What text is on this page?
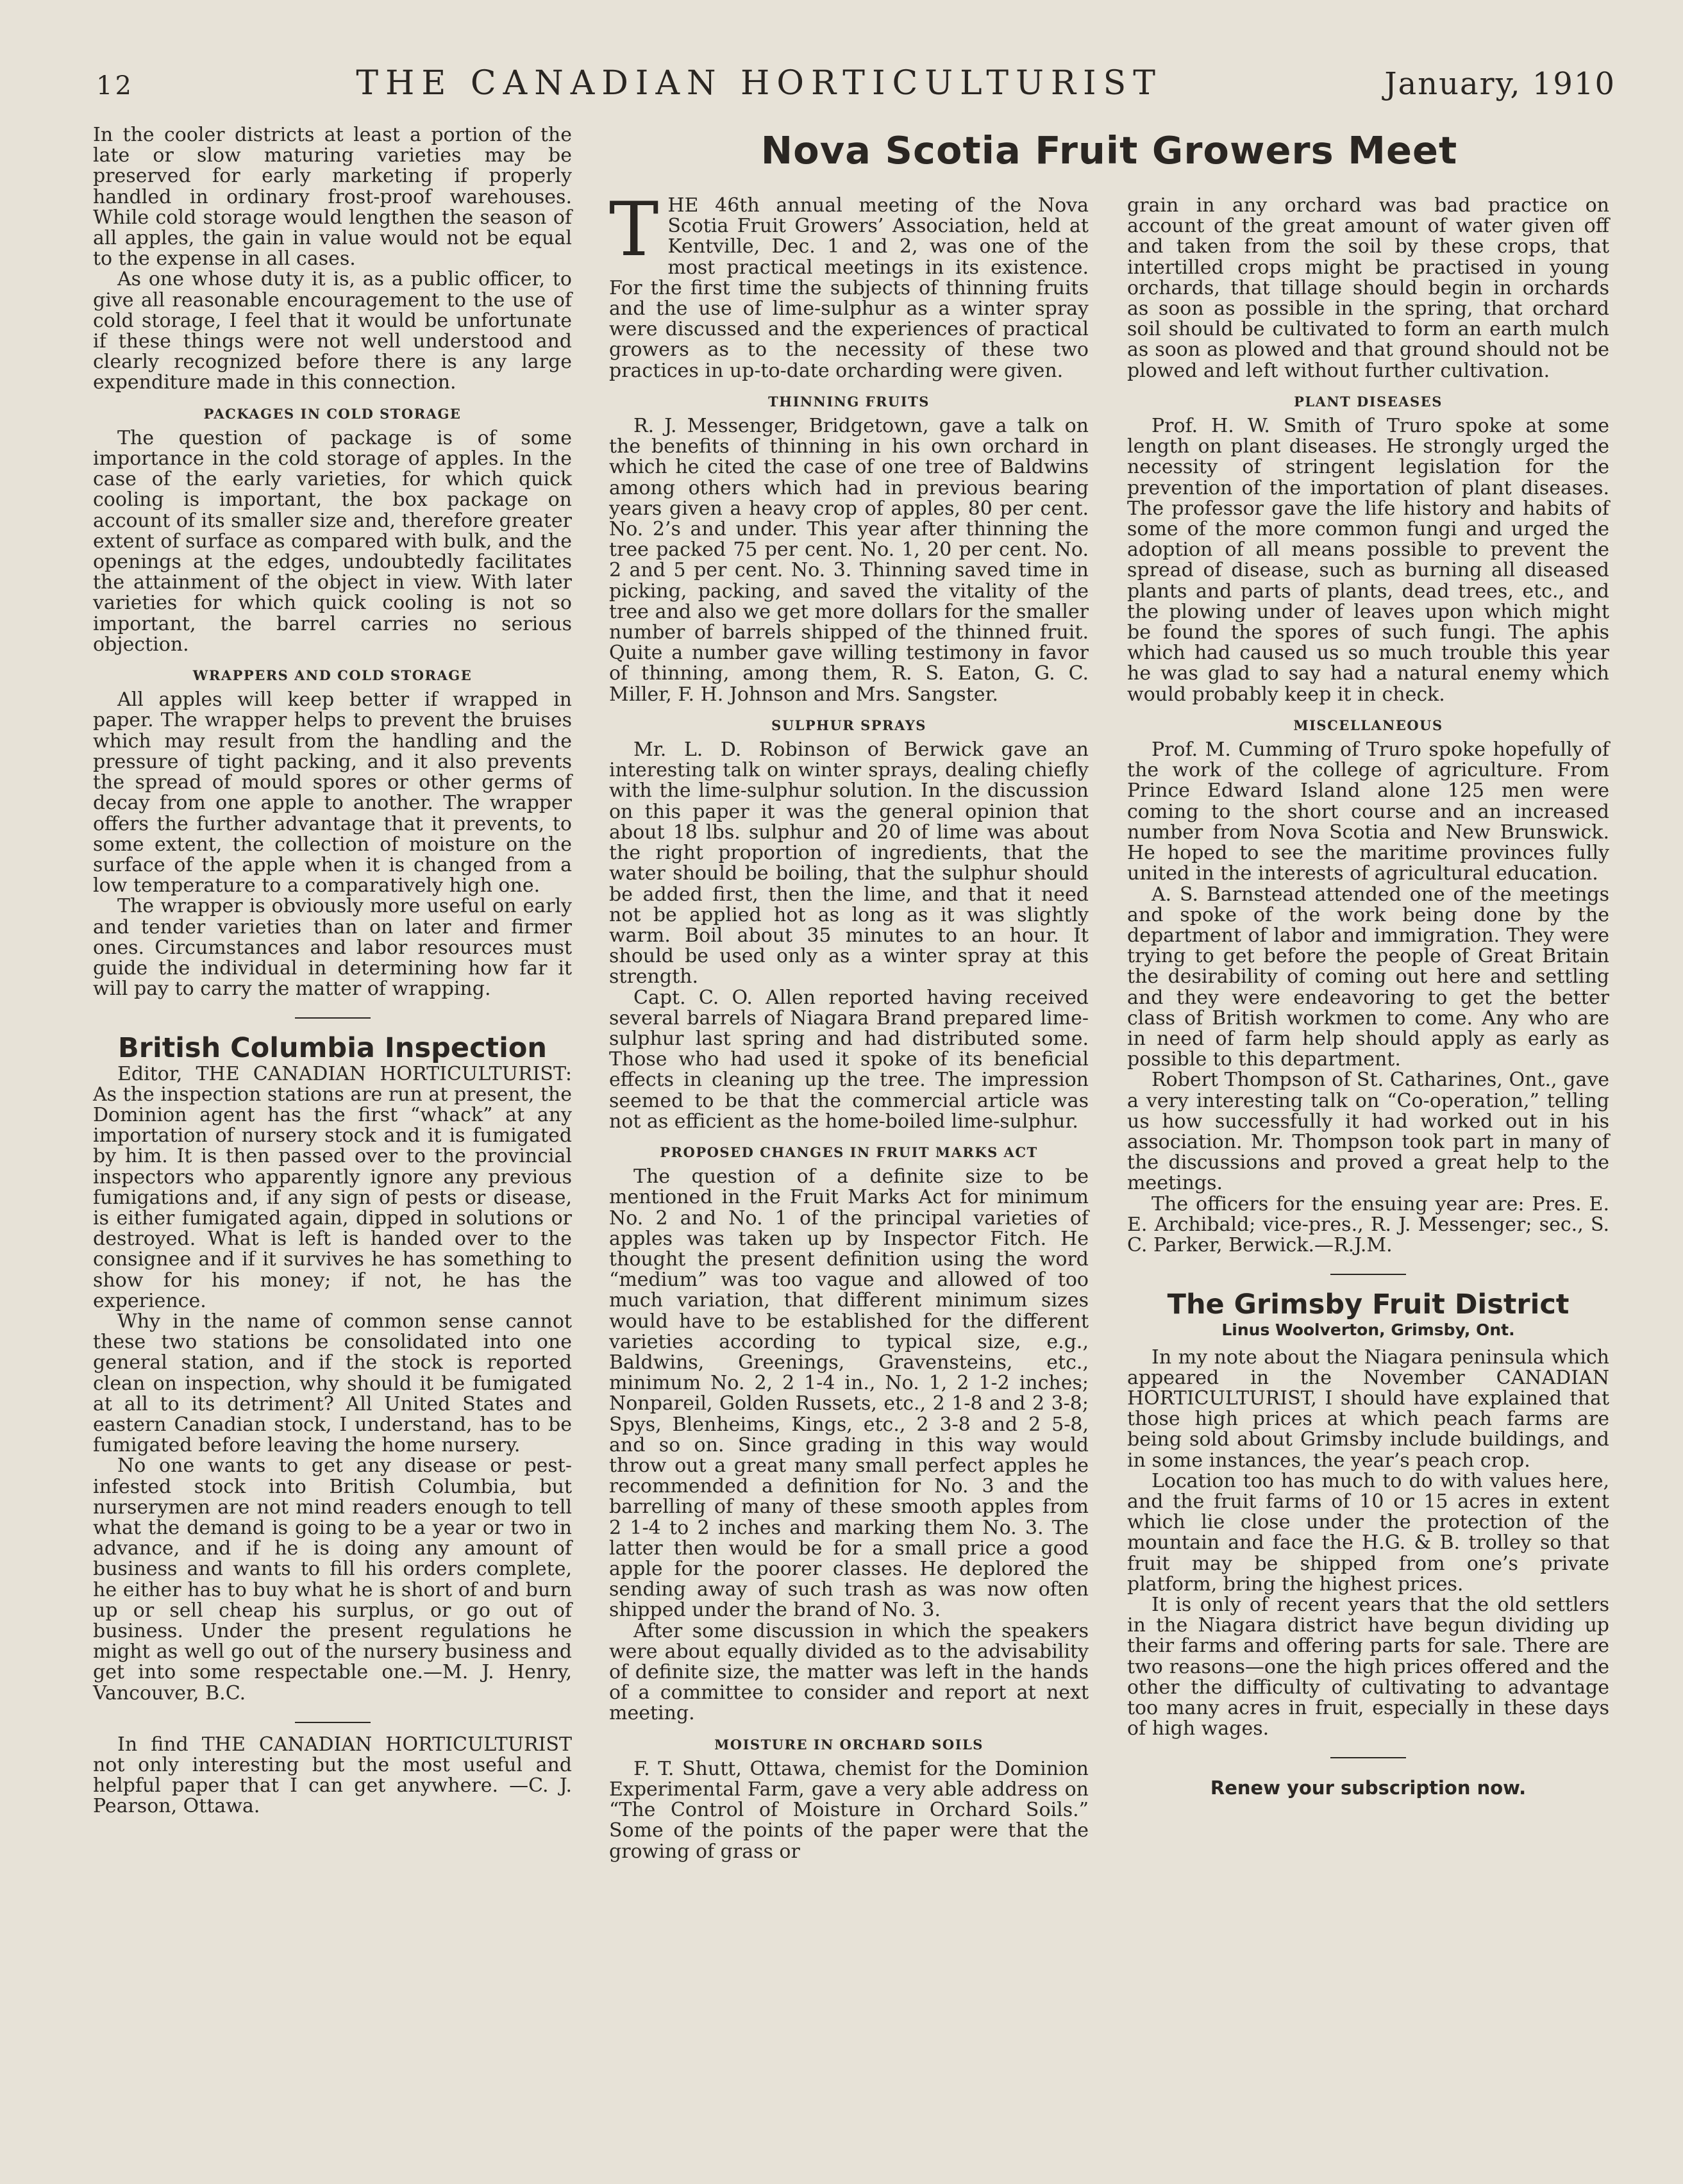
12	THE CANADIAN HORTICULTURIST	January, 1910
Nova Scotia Fruit Growers Meet

In the cooler districts at least a portion of the late or slow maturing varieties may be preserved for early marketing if properly handled in ordinary frost-proof warehouses. While cold storage would lengthen the season of all apples, the gain in value would not be equal to the expense in all cases.

As one whose duty it is, as a public officer, to give all reasonable encouragement to the use of cold storage, I feel that it would be unfortunate if these things were not well understood and clearly recognized before there is any large expenditure made in this connection.

PACKAGES IN COLD STORAGE

The question of package is of some importance in the cold storage of apples. In the case of the early varieties, for which quick cooling is important, the box package on account of its smaller size and, therefore greater extent of surface as compared with bulk, and the openings at the edges, undoubtedly facilitates the attainment of the object in view. With later varieties for which quick cooling is not so important, the barrel carries no serious objection.

WRAPPERS AND COLD STORAGE

All apples will keep better if wrapped in paper. The wrapper helps to prevent the bruises which may result from the handling and the pressure of tight packing, and it also prevents the spread of mould spores or other germs of decay from one apple to another. The wrapper offers the further advantage that it prevents, to some extent, the collection of moisture on the surface of the apple when it is changed from a low temperature to a comparatively high one.

The wrapper is obviously more useful on early and tender varieties than on later and firmer ones. Circumstances and labor resources must guide the individual in determining how far it will pay to carry the matter of wrapping.

British Columbia Inspection

Editor, THE CANADIAN HORTICULTURIST: As the inspection stations are run at present, the Dominion agent has the first “whack” at any importation of nursery stock and it is fumigated by him. It is then passed over to the provincial inspectors who apparently ignore any previous fumigations and, if any sign of pests or disease, is either fumigated again, dipped in solutions or destroyed. What is left is handed over to the consignee and if it survives he has something to show for his money; if not, he has the experience.

Why in the name of common sense cannot these two stations be consolidated into one general station, and if the stock is reported clean on inspection, why should it be fumigated at all to its detriment? All United States and eastern Canadian stock, I understand, has to be fumigated before leaving the home nursery.

No one wants to get any disease or pest-infested stock into British Columbia, but nurserymen are not mind readers enough to tell what the demand is going to be a year or two in advance, and if he is doing any amount of business and wants to fill his orders complete, he either has to buy what he is short of and burn up or sell cheap his surplus, or go out of business. Under the present regulations he might as well go out of the nursery business and get into some respectable one.—M. J. Henry, Vancouver, B.C.

In find THE CANADIAN HORTICULTURIST not only interesting but the most useful and helpful paper that I can get anywhere. —C. J. Pearson, Ottawa.

THE 46th annual meeting of the Nova Scotia Fruit Growers’ Association, held at Kentville, Dec. 1 and 2, was one of the most practical meetings in its existence. For the first time the subjects of thinning fruits and the use of lime-sulphur as a winter spray were discussed and the experiences of practical growers as to the necessity of these two practices in up-to-date orcharding were given.

THINNING FRUITS

R. J. Messenger, Bridgetown, gave a talk on the benefits of thinning in his own orchard in which he cited the case of one tree of Baldwins among others which had in previous bearing years given a heavy crop of apples, 80 per cent. No. 2’s and under. This year after thinning the tree packed 75 per cent. No. 1, 20 per cent. No. 2 and 5 per cent. No. 3. Thinning saved time in picking, packing, and saved the vitality of the tree and also we get more dollars for the smaller number of barrels shipped of the thinned fruit. Quite a number gave willing testimony in favor of thinning, among them, R. S. Eaton, G. C. Miller, F. H. Johnson and Mrs. Sangster.

SULPHUR SPRAYS

Mr. L. D. Robinson of Berwick gave an interesting talk on winter sprays, dealing chiefly with the lime-sulphur solution. In the discussion on this paper it was the general opinion that about 18 lbs. sulphur and 20 of lime was about the right proportion of ingredients, that the water should be boiling, that the sulphur should be added first, then the lime, and that it need not be applied hot as long as it was slightly warm. Boil about 35 minutes to an hour. It should be used only as a winter spray at this strength.

Capt. C. O. Allen reported having received several barrels of Niagara Brand prepared lime-sulphur last spring and had distributed some. Those who had used it spoke of its beneficial effects in cleaning up the tree. The impression seemed to be that the commercial article was not as efficient as the home-boiled lime-sulphur.

PROPOSED CHANGES IN FRUIT MARKS ACT

The question of a definite size to be mentioned in the Fruit Marks Act for minimum No. 2 and No. 1 of the principal varieties of apples was taken up by Inspector Fitch. He thought the present definition using the word “medium” was too vague and allowed of too much variation, that different minimum sizes would have to be established for the different varieties according to typical size, e.g., Baldwins, Greenings, Gravensteins, etc., minimum No. 2, 2 1-4 in., No. 1, 2 1-2 inches; Nonpareil, Golden Russets, etc., 2 1-8 and 2 3-8; Spys, Blenheims, Kings, etc., 2 3-8 and 2 5-8, and so on. Since grading in this way would throw out a great many small perfect apples he recommended a definition for No. 3 and the barrelling of many of these smooth apples from 2 1-4 to 2 inches and marking them No. 3. The latter then would be for a small price a good apple for the poorer classes. He deplored the sending away of such trash as was now often shipped under the brand of No. 3.

After some discussion in which the speakers were about equally divided as to the advisability of definite size, the matter was left in the hands of a committee to consider and report at next meeting.

MOISTURE IN ORCHARD SOILS

F. T. Shutt, Ottawa, chemist for the Dominion Experimental Farm, gave a very able address on “The Control of Moisture in Orchard Soils.” Some of the points of the paper were that the growing of grass or

grain in any orchard was bad practice on account of the great amount of water given off and taken from the soil by these crops, that intertilled crops might be practised in young orchards, that tillage should begin in orchards as soon as possible in the spring, that orchard soil should be cultivated to form an earth mulch as soon as plowed and that ground should not be plowed and left without further cultivation.

PLANT DISEASES

Prof. H. W. Smith of Truro spoke at some length on plant diseases. He strongly urged the necessity of stringent legislation for the prevention of the importation of plant diseases. The professor gave the life history and habits of some of the more common fungi and urged the adoption of all means possible to prevent the spread of disease, such as burning all diseased plants and parts of plants, dead trees, etc., and the plowing under of leaves upon which might be found the spores of such fungi. The aphis which had caused us so much trouble this year he was glad to say had a natural enemy which would probably keep it in check.

MISCELLANEOUS

Prof. M. Cumming of Truro spoke hopefully of the work of the college of agriculture. From Prince Edward Island alone 125 men were coming to the short course and an increased number from Nova Scotia and New Brunswick. He hoped to see the maritime provinces fully united in the interests of agricultural education.

A. S. Barnstead attended one of the meetings and spoke of the work being done by the department of labor and immigration. They were trying to get before the people of Great Britain the desirability of coming out here and settling and they were endeavoring to get the better class of British workmen to come. Any who are in need of farm help should apply as early as possible to this department.

Robert Thompson of St. Catharines, Ont., gave a very interesting talk on “Co-operation,” telling us how successfully it had worked out in his association. Mr. Thompson took part in many of the discussions and proved a great help to the meetings.

The officers for the ensuing year are: Pres. E. E. Archibald; vice-pres., R. J. Messenger; sec., S. C. Parker, Berwick.—R.J.M.

The Grimsby Fruit District
Linus Woolverton, Grimsby, Ont.

In my note about the Niagara peninsula which appeared in the November CANADIAN HORTICULTURIST, I should have explained that those high prices at which peach farms are being sold about Grimsby include buildings, and in some instances, the year’s peach crop.

Location too has much to do with values here, and the fruit farms of 10 or 15 acres in extent which lie close under the protection of the mountain and face the H.G. & B. trolley so that fruit may be shipped from one’s private platform, bring the highest prices.

It is only of recent years that the old settlers in the Niagara district have begun dividing up their farms and offering parts for sale. There are two reasons—one the high prices offered and the other the difficulty of cultivating to advantage too many acres in fruit, especially in these days of high wages.

Renew your subscription now.
